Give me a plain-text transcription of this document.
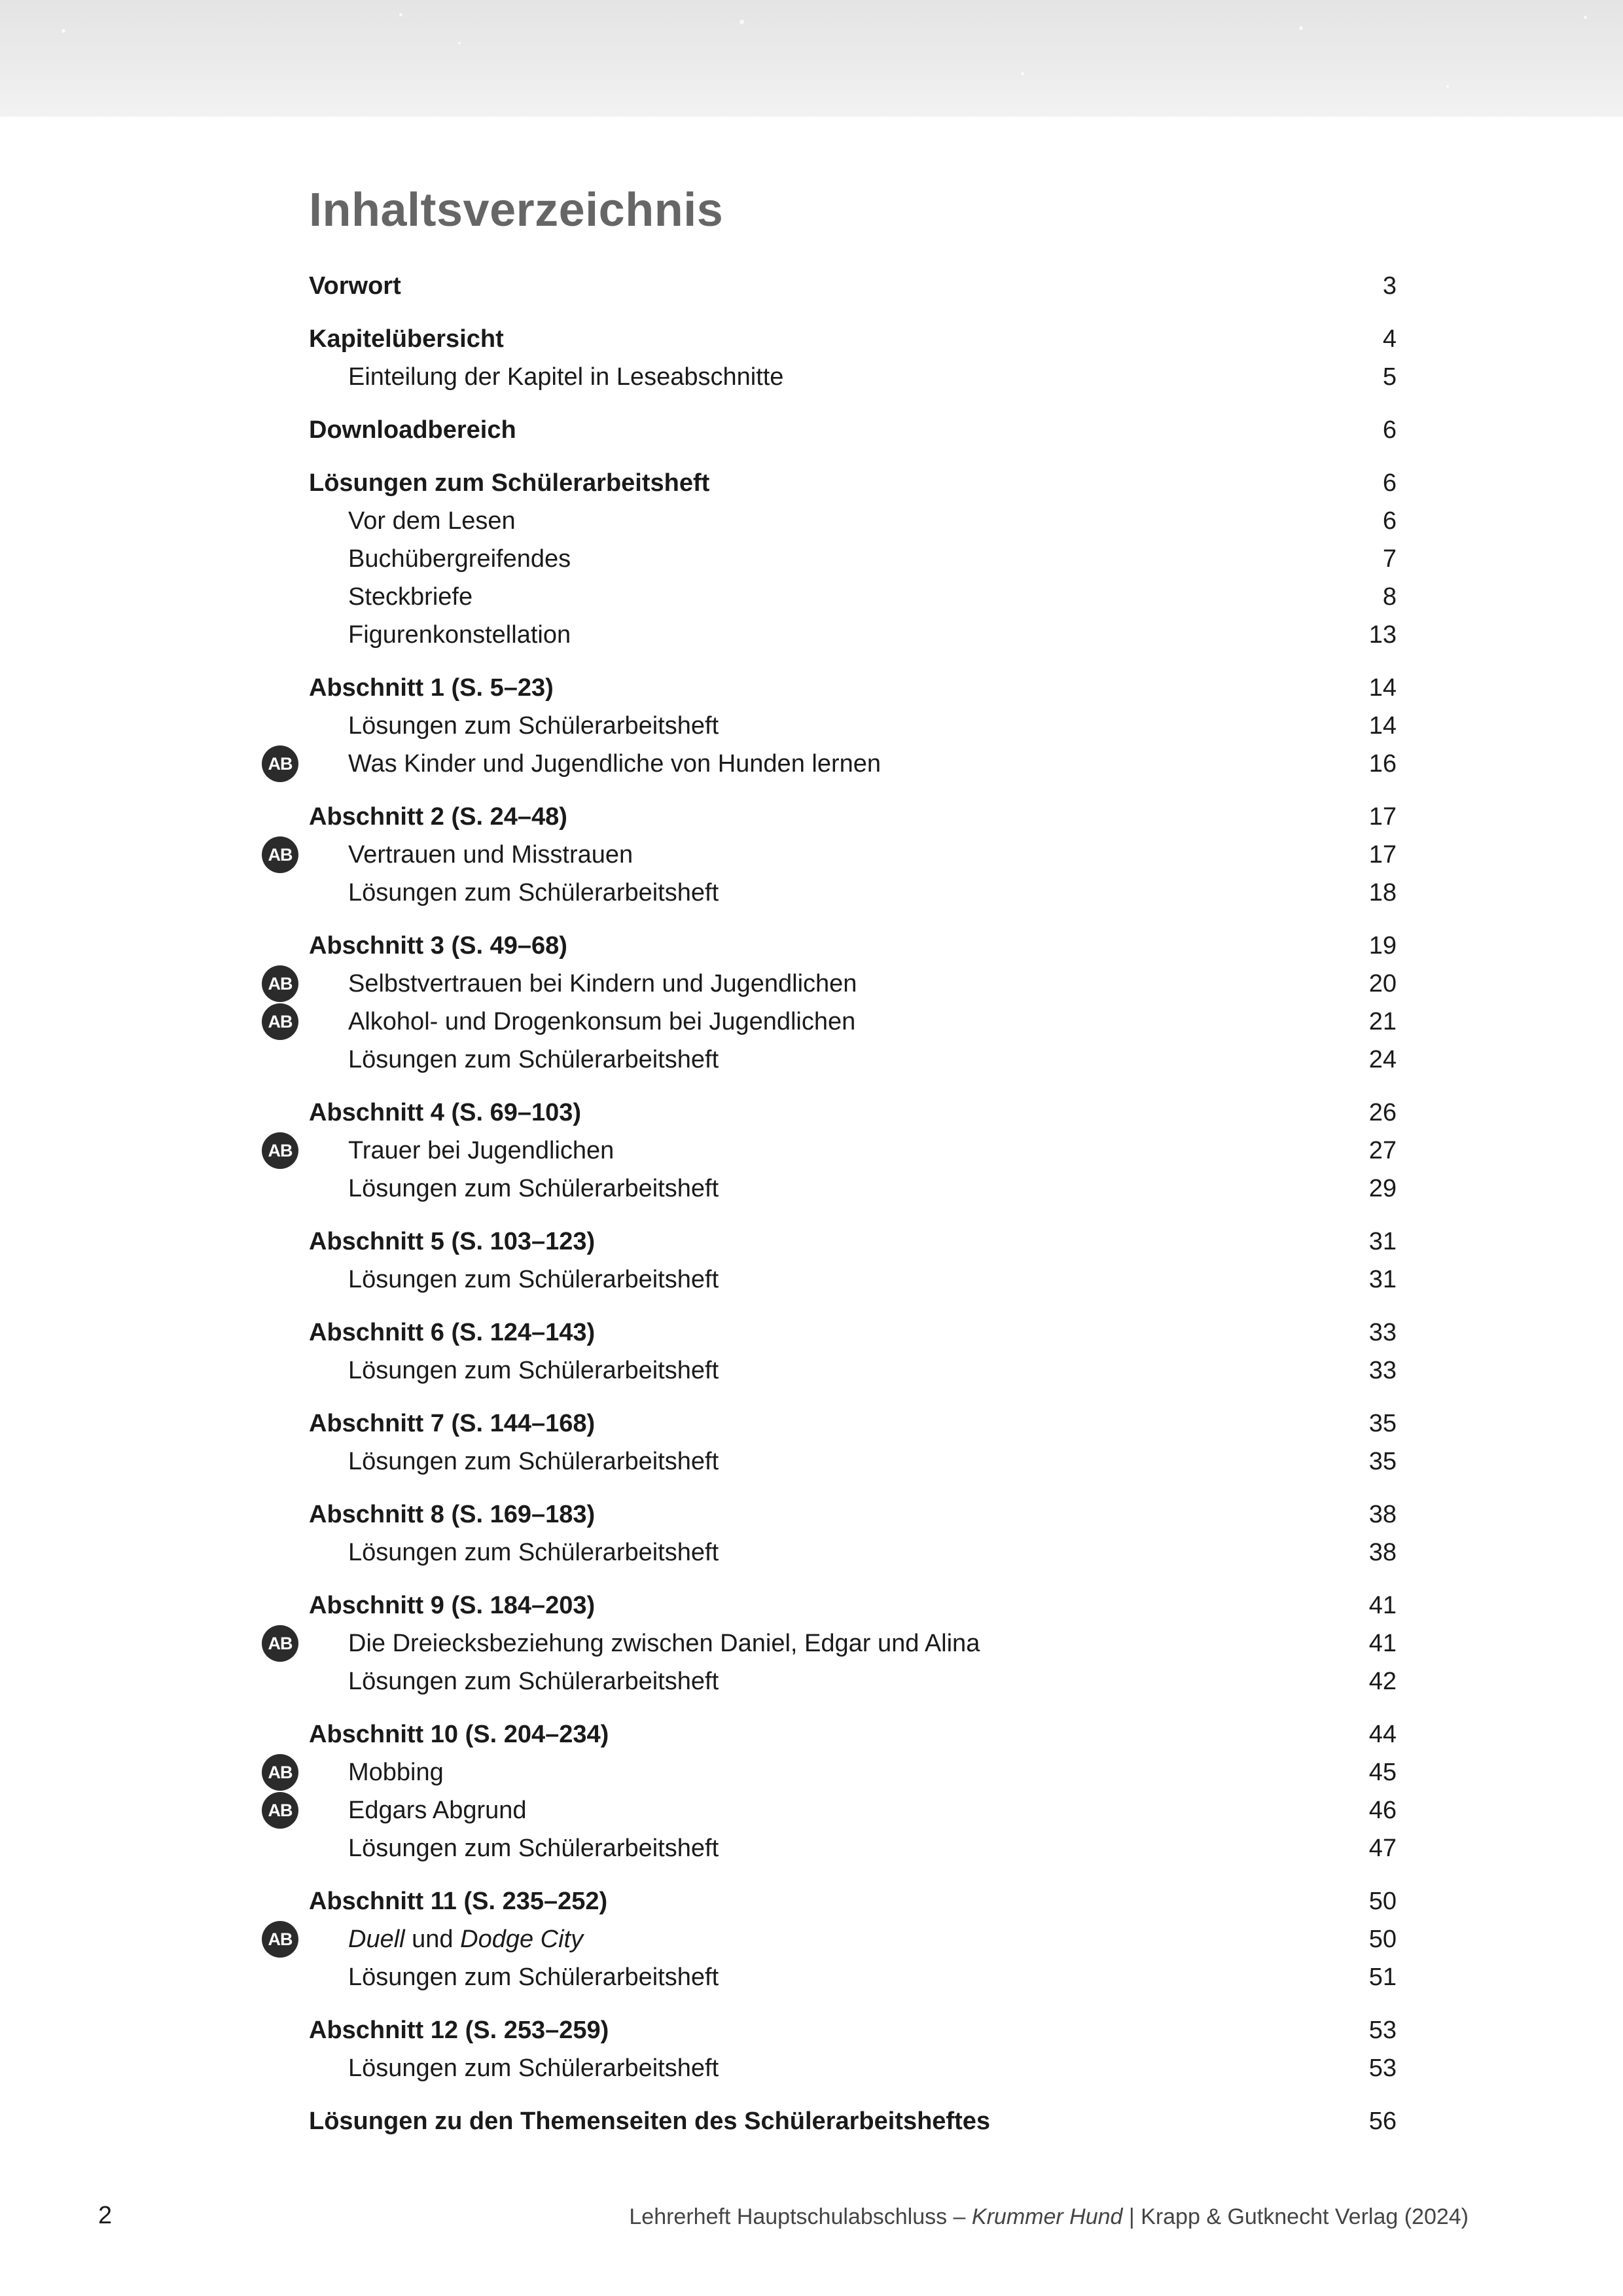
Inhaltsverzeichnis
Vorwort	3
Kapitelübersicht	4
Einteilung der Kapitel in Leseabschnitte	5
Downloadbereich	6
Lösungen zum Schülerarbeitsheft	6
Vor dem Lesen	6
Buchübergreifendes	7
Steckbriefe	8
Figurenkonstellation	13
Abschnitt 1 (S. 5–23)	14
Lösungen zum Schülerarbeitsheft	14
AB Was Kinder und Jugendliche von Hunden lernen	16
Abschnitt 2 (S. 24–48)	17
AB Vertrauen und Misstrauen	17
Lösungen zum Schülerarbeitsheft	18
Abschnitt 3 (S. 49–68)	19
AB Selbstvertrauen bei Kindern und Jugendlichen	20
AB Alkohol- und Drogenkonsum bei Jugendlichen	21
Lösungen zum Schülerarbeitsheft	24
Abschnitt 4 (S. 69–103)	26
AB Trauer bei Jugendlichen	27
Lösungen zum Schülerarbeitsheft	29
Abschnitt 5 (S. 103–123)	31
Lösungen zum Schülerarbeitsheft	31
Abschnitt 6 (S. 124–143)	33
Lösungen zum Schülerarbeitsheft	33
Abschnitt 7 (S. 144–168)	35
Lösungen zum Schülerarbeitsheft	35
Abschnitt 8 (S. 169–183)	38
Lösungen zum Schülerarbeitsheft	38
Abschnitt 9 (S. 184–203)	41
AB Die Dreiecksbeziehung zwischen Daniel, Edgar und Alina	41
Lösungen zum Schülerarbeitsheft	42
Abschnitt 10 (S. 204–234)	44
AB Mobbing	45
AB Edgars Abgrund	46
Lösungen zum Schülerarbeitsheft	47
Abschnitt 11 (S. 235–252)	50
AB Duell und Dodge City	50
Lösungen zum Schülerarbeitsheft	51
Abschnitt 12 (S. 253–259)	53
Lösungen zum Schülerarbeitsheft	53
Lösungen zu den Themenseiten des Schülerarbeitsheftes	56
2	Lehrerheft Hauptschulabschluss – Krummer Hund | Krapp & Gutknecht Verlag (2024)
